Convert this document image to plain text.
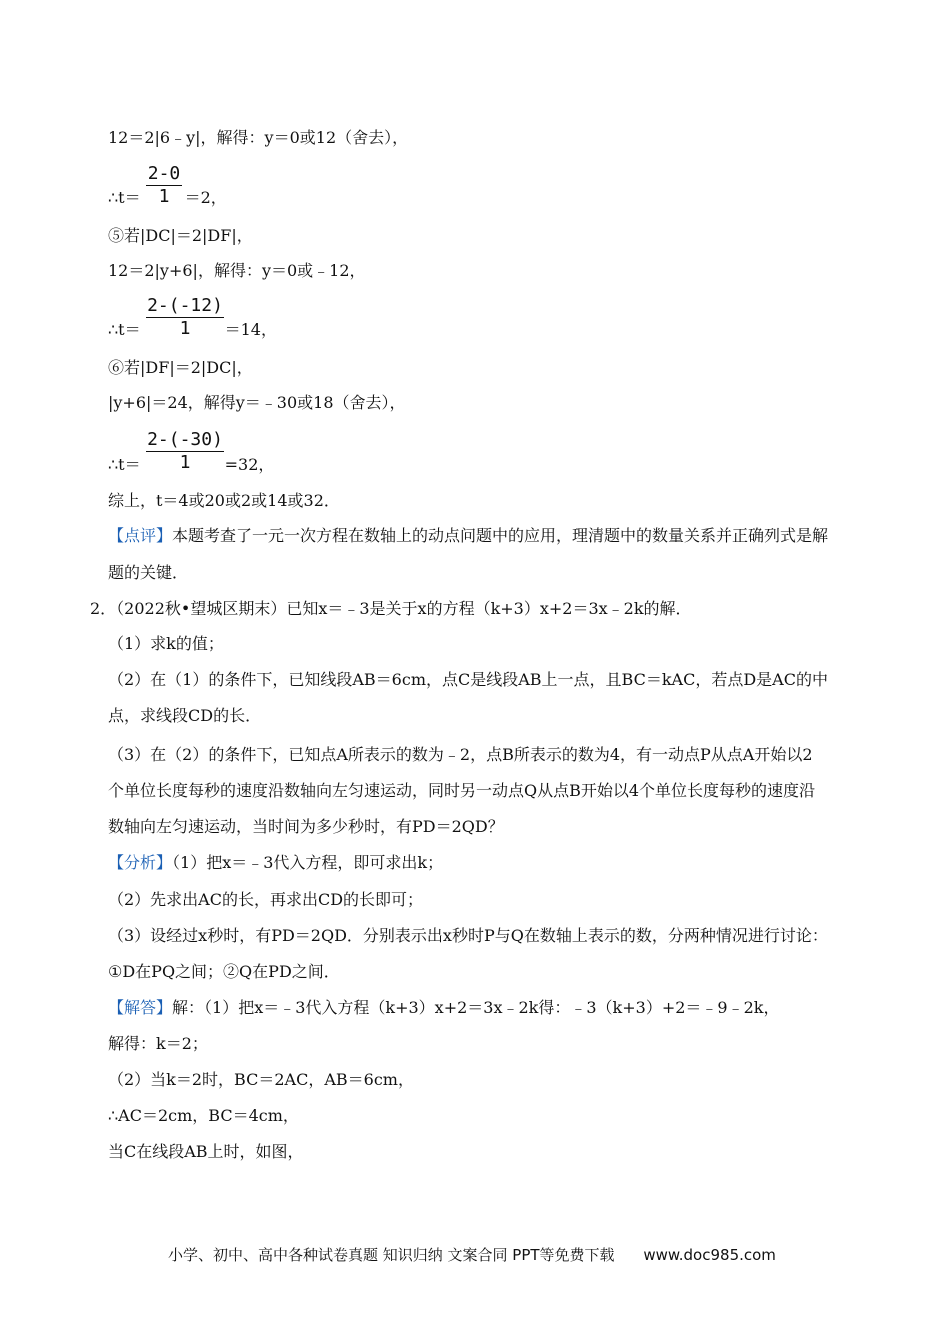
12＝2|6﹣y|，解得：y＝0或12（舍去），
∴t＝	＝2，
2-0
1
⑤若|DC|＝2|DF|，
12＝2|y+6|，解得：y＝0或﹣12，
∴t＝	＝14，
2-(-12)
1
⑥若|DF|＝2|DC|，
|y+6|＝24，解得y＝﹣30或18（舍去），
∴t＝	=32，
2-(-30)
1
综上，t＝4或20或2或14或32．
【点评】本题考查了一元一次方程在数轴上的动点问题中的应用，理清题中的数量关系并正确列式是解
题的关键．
2．（2022秋•望城区期末）已知x＝﹣3是关于x的方程（k+3）x+2＝3x﹣2k的解．
（1）求k的值；
（2）在（1）的条件下，已知线段AB＝6cm，点C是线段AB上一点，且BC＝kAC，若点D是AC的中
点，求线段CD的长．
（3）在（2）的条件下，已知点A所表示的数为﹣2，点B所表示的数为4，有一动点P从点A开始以2
个单位长度每秒的速度沿数轴向左匀速运动，同时另一动点Q从点B开始以4个单位长度每秒的速度沿
数轴向左匀速运动，当时间为多少秒时，有PD＝2QD？
【分析】（1）把x＝﹣3代入方程，即可求出k；
（2）先求出AC的长，再求出CD的长即可；
（3）设经过x秒时，有PD＝2QD．分别表示出x秒时P与Q在数轴上表示的数，分两种情况进行讨论：
①D在PQ之间；②Q在PD之间．
【解答】解：（1）把x＝﹣3代入方程（k+3）x+2＝3x﹣2k得：﹣3（k+3）+2＝﹣9﹣2k，
解得：k＝2；
（2）当k＝2时，BC＝2AC，AB＝6cm，
∴AC＝2cm，BC＝4cm，
当C在线段AB上时，如图，
小学、初中、高中各种试卷真题 知识归纳 文案合同 PPT等免费下载 www.doc985.com
